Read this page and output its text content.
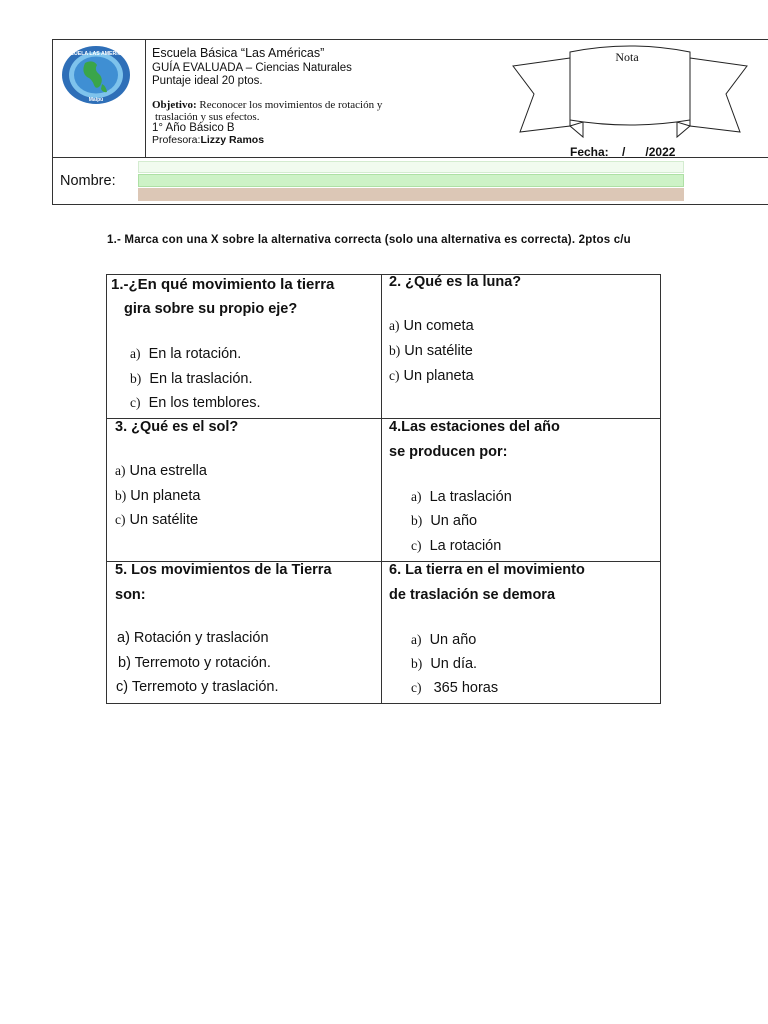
ESCUELA LAS AMERICAS
Maipú
Escuela Básica “Las Américas”
GUÍA EVALUADA – Ciencias Naturales
Puntaje ideal 20 ptos.
Objetivo: Reconocer los movimientos de rotación y
traslación y sus efectos.
1° Año Básico B
Profesora:Lizzy Ramos
Nota
Fecha:__/___/2022
Nombre:
1.- Marca con una X sobre la alternativa correcta (solo una alternativa es correcta). 2ptos c/u
1.-¿En qué movimiento la tierra
gira sobre su propio eje?
a) En la rotación.
b) En la traslación.
c) En los temblores.
2. ¿Qué es la luna?
a) Un cometa
b) Un satélite
c) Un planeta
3. ¿Qué es el sol?
a) Una estrella
b) Un planeta
c) Un satélite
4.Las estaciones del año
se producen por:
a) La traslación
b) Un año
c) La rotación
5. Los movimientos de la Tierra
son:
a) Rotación y traslación
b) Terremoto y rotación.
c) Terremoto y traslación.
6. La tierra en el movimiento
de traslación se demora
a) Un año
b) Un día.
c) 365 horas
